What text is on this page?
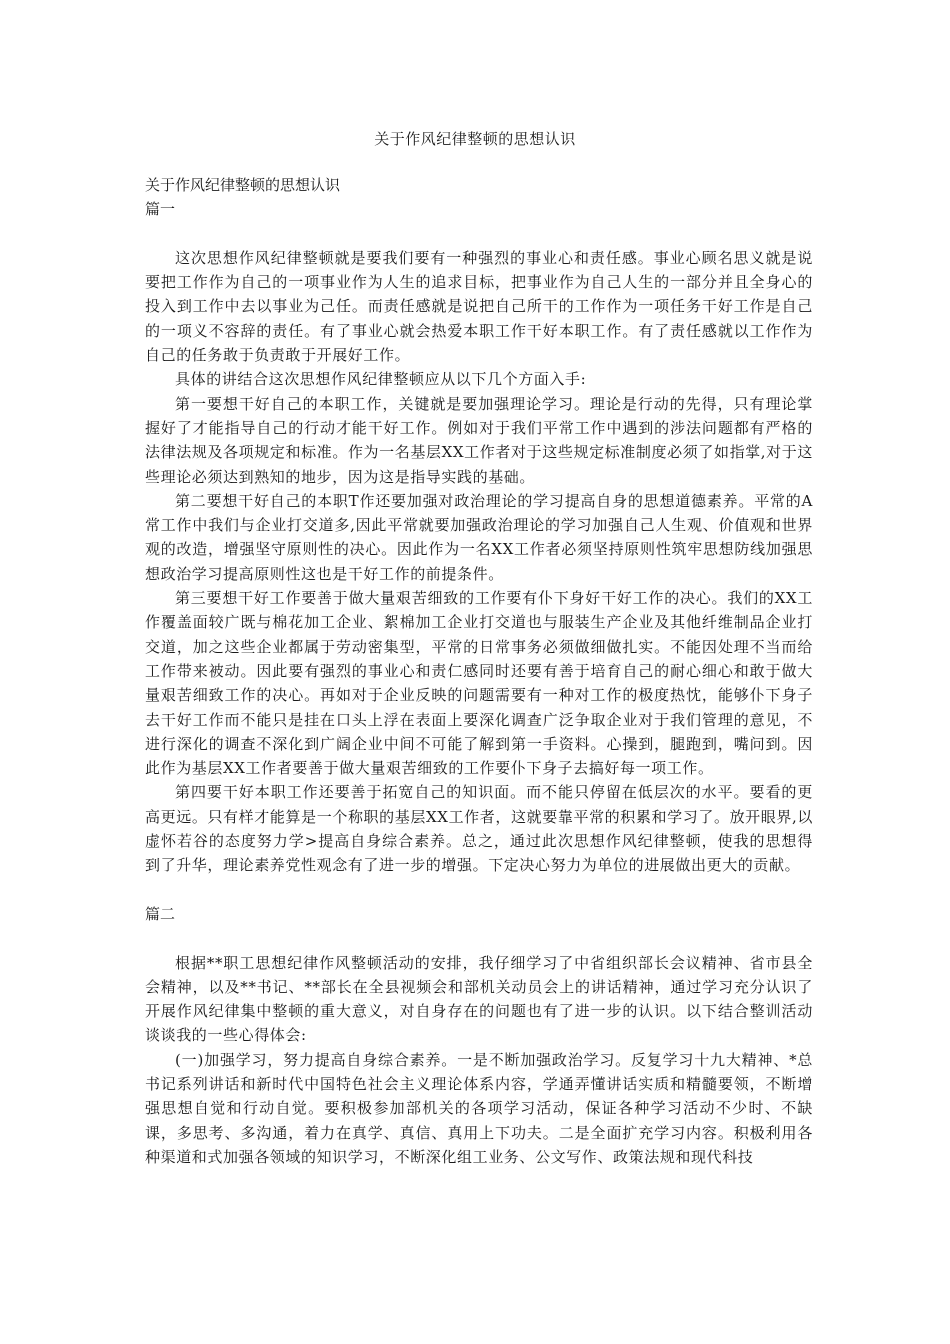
关于作风纪律整顿的思想认识

关于作风纪律整顿的思想认识

篇一

这次思想作风纪律整顿就是要我们要有一种强烈的事业心和责任感。事业心顾名思义就是说要把工作作为自己的一项事业作为人生的追求目标，把事业作为自己人生的一部分并且全身心的投入到工作中去以事业为己任。而责任感就是说把自己所干的工作作为一项任务干好工作是自己的一项义不容辞的责任。有了事业心就会热爱本职工作干好本职工作。有了责任感就以工作作为自己的任务敢于负责敢于开展好工作。

具体的讲结合这次思想作风纪律整顿应从以下几个方面入手:

第一要想干好自己的本职工作，关键就是要加强理论学习。理论是行动的先得，只有理论掌握好了才能指导自己的行动才能干好工作。例如对于我们平常工作中遇到的涉法问题都有严格的法律法规及各项规定和标准。作为一名基层XX工作者对于这些规定标准制度必须了如指掌,对于这些理论必须达到熟知的地步，因为这是指导实践的基础。

第二要想干好自己的本职T作还要加强对政治理论的学习提高自身的思想道德素养。平常的A常工作中我们与企业打交道多,因此平常就要加强政治理论的学习加强自己人生观、价值观和世界观的改造，增强坚守原则性的决心。因此作为一名XX工作者必须坚持原则性筑牢思想防线加强思想政治学习提高原则性这也是干好工作的前提条件。

第三要想干好工作要善于做大量艰苦细致的工作要有仆下身好干好工作的决心。我们的XX工作覆盖面较广既与棉花加工企业、絮棉加工企业打交道也与服装生产企业及其他纤维制品企业打交道，加之这些企业都属于劳动密集型，平常的日常事务必须做细做扎实。不能因处理不当而给工作带来被动。因此要有强烈的事业心和责仁感同时还要有善于培育自己的耐心细心和敢于做大量艰苦细致工作的决心。再如对于企业反映的问题需要有一种对工作的极度热忱，能够仆下身子去干好工作而不能只是挂在口头上浮在表面上要深化调查广泛争取企业对于我们管理的意见，不进行深化的调查不深化到广阔企业中间不可能了解到第一手资料。心操到，腿跑到，嘴问到。因此作为基层XX工作者要善于做大量艰苦细致的工作要仆下身子去搞好每一项工作。

第四要干好本职工作还要善于拓宽自己的知识面。而不能只停留在低层次的水平。要看的更高更远。只有样才能算是一个称职的基层XX工作者，这就要靠平常的积累和学习了。放开眼界,以虚怀若谷的态度努力学>提高自身综合素养。总之，通过此次思想作风纪律整顿，使我的思想得到了升华，理论素养党性观念有了进一步的增强。下定决心努力为单位的进展做出更大的贡献。

篇二

根据**职工思想纪律作风整顿活动的安排，我仔细学习了中省组织部长会议精神、省市县全会精神，以及**书记、**部长在全县视频会和部机关动员会上的讲话精神，通过学习充分认识了开展作风纪律集中整顿的重大意义，对自身存在的问题也有了进一步的认识。以下结合整训活动谈谈我的一些心得体会:

(一)加强学习，努力提高自身综合素养。一是不断加强政治学习。反复学习十九大精神、*总书记系列讲话和新时代中国特色社会主义理论体系内容，学通弄懂讲话实质和精髓要领，不断增强思想自觉和行动自觉。要积极参加部机关的各项学习活动，保证各种学习活动不少时、不缺课，多思考、多沟通，着力在真学、真信、真用上下功夫。二是全面扩充学习内容。积极利用各种渠道和式加强各领域的知识学习，不断深化组工业务、公文写作、政策法规和现代科技
